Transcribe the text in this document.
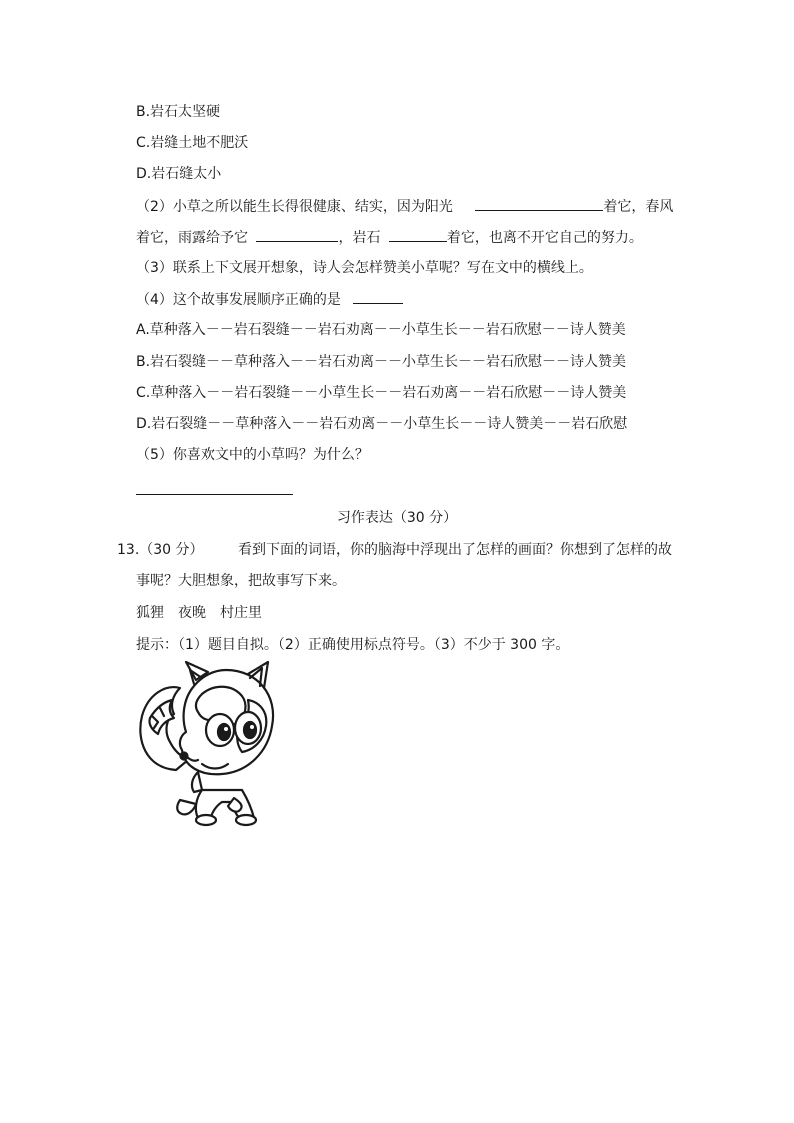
B.岩石太坚硬
C.岩缝土地不肥沃
D.岩石缝太小
（2）小草之所以能生长得很健康、结实，因为阳光	着它，春风
着它，雨露给予它	，岩石	着它，也离不开它自己的努力。
（3）联系上下文展开想象，诗人会怎样赞美小草呢？写在文中的横线上。
（4）这个故事发展顺序正确的是
A.草种落入－－岩石裂缝－－岩石劝离－－小草生长－－岩石欣慰－－诗人赞美
B.岩石裂缝－－草种落入－－岩石劝离－－小草生长－－岩石欣慰－－诗人赞美
C.草种落入－－岩石裂缝－－小草生长－－岩石劝离－－岩石欣慰－－诗人赞美
D.岩石裂缝－－草种落入－－岩石劝离－－小草生长－－诗人赞美－－岩石欣慰
（5）你喜欢文中的小草吗？为什么？
习作表达（30 分）
13.（30 分） 看到下面的词语，你的脑海中浮现出了怎样的画面？你想到了怎样的故
事呢？大胆想象，把故事写下来。
狐狸　夜晚　村庄里
提示：（1）题目自拟。（2）正确使用标点符号。（3）不少于 300 字。
